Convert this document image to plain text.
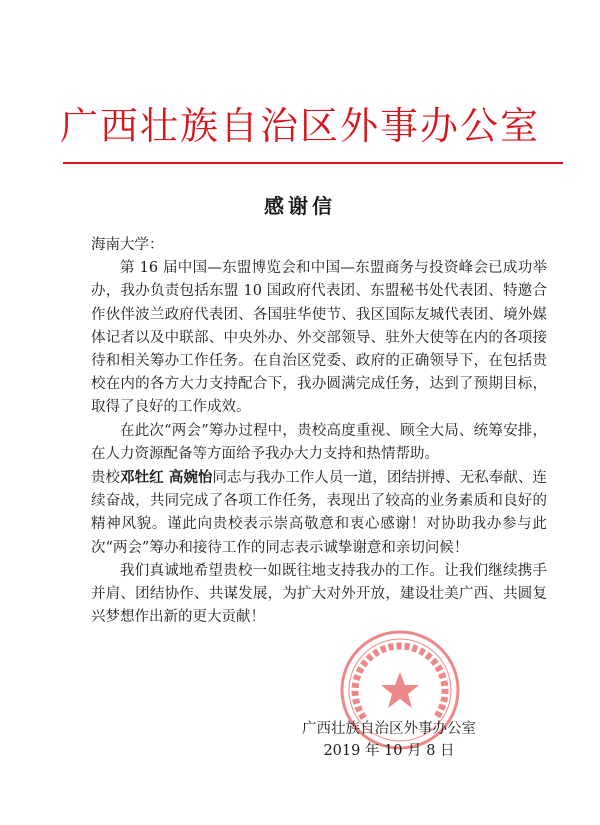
广西壮族自治区外事办公室
感谢信

海南大学：

第 16 届中国—东盟博览会和中国—东盟商务与投资峰会已成功举办，我办负责包括东盟 10 国政府代表团、东盟秘书处代表团、特邀合作伙伴波兰政府代表团、各国驻华使节、我区国际友城代表团、境外媒体记者以及中联部、中央外办、外交部领导、驻外大使等在内的各项接待和相关筹办工作任务。在自治区党委、政府的正确领导下，在包括贵校在内的各方大力支持配合下，我办圆满完成任务，达到了预期目标，取得了良好的工作成效。

在此次“两会”筹办过程中，贵校高度重视、顾全大局、统筹安排，在人力资源配备等方面给予我办大力支持和热情帮助。

贵校邓牡红 高婉怡同志与我办工作人员一道，团结拼搏、无私奉献、连续奋战，共同完成了各项工作任务，表现出了较高的业务素质和良好的精神风貌。谨此向贵校表示崇高敬意和衷心感谢！对协助我办参与此次“两会”筹办和接待工作的同志表示诚挚谢意和亲切问候！

我们真诚地希望贵校一如既往地支持我办的工作。让我们继续携手并肩、团结协作、共谋发展，为扩大对外开放，建设壮美广西、共圆复兴梦想作出新的更大贡献！

广西壮族自治区外事办公室
2019 年 10 月 8 日
